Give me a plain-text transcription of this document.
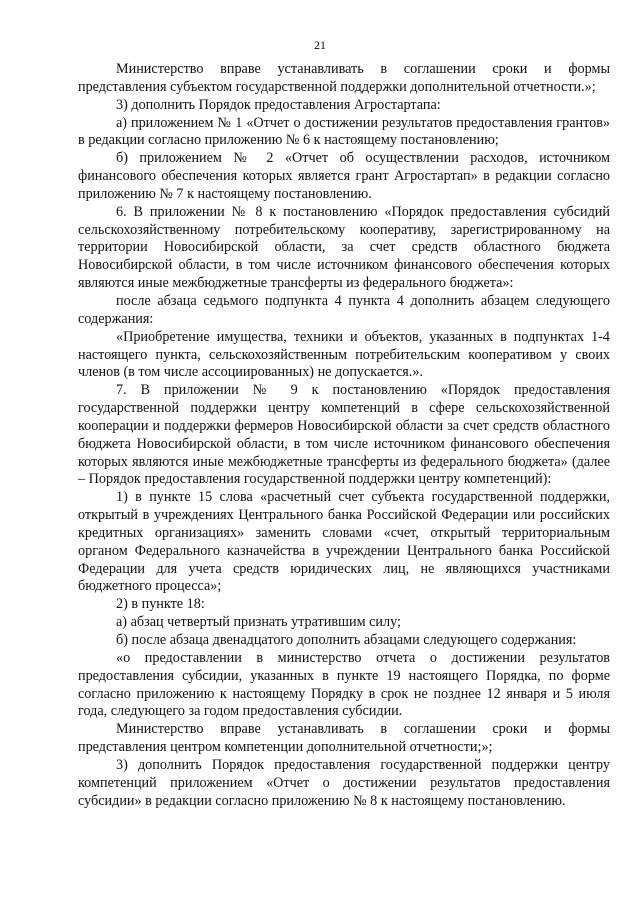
21

Министерство вправе устанавливать в соглашении сроки и формы представления субъектом государственной поддержки дополнительной отчетности.»;

3) дополнить Порядок предоставления Агростартапа:

а) приложением № 1 «Отчет о достижении результатов предоставления грантов» в редакции согласно приложению № 6 к настоящему постановлению;

б) приложением № 2 «Отчет об осуществлении расходов, источником финансового обеспечения которых является грант Агростартап» в редакции согласно приложению № 7 к настоящему постановлению.

6. В приложении № 8 к постановлению «Порядок предоставления субсидий сельскохозяйственному потребительскому кооперативу, зарегистрированному на территории Новосибирской области, за счет средств областного бюджета Новосибирской области, в том числе источником финансового обеспечения которых являются иные межбюджетные трансферты из федерального бюджета»:

после абзаца седьмого подпункта 4 пункта 4 дополнить абзацем следующего содержания:

«Приобретение имущества, техники и объектов, указанных в подпунктах 1-4 настоящего пункта, сельскохозяйственным потребительским кооперативом у своих членов (в том числе ассоциированных) не допускается.».

7. В приложении № 9 к постановлению «Порядок предоставления государственной поддержки центру компетенций в сфере сельскохозяйственной кооперации и поддержки фермеров Новосибирской области за счет средств областного бюджета Новосибирской области, в том числе источником финансового обеспечения которых являются иные межбюджетные трансферты из федерального бюджета» (далее – Порядок предоставления государственной поддержки центру компетенций):

1) в пункте 15 слова «расчетный счет субъекта государственной поддержки, открытый в учреждениях Центрального банка Российской Федерации или российских кредитных организациях» заменить словами «счет, открытый территориальным органом Федерального казначейства в учреждении Центрального банка Российской Федерации для учета средств юридических лиц, не являющихся участниками бюджетного процесса»;

2) в пункте 18:

а) абзац четвертый признать утратившим силу;

б) после абзаца двенадцатого дополнить абзацами следующего содержания:

«о предоставлении в министерство отчета о достижении результатов предоставления субсидии, указанных в пункте 19 настоящего Порядка, по форме согласно приложению к настоящему Порядку в срок не позднее 12 января и 5 июля года, следующего за годом предоставления субсидии.

Министерство вправе устанавливать в соглашении сроки и формы представления центром компетенции дополнительной отчетности;»;

3) дополнить Порядок предоставления государственной поддержки центру компетенций приложением «Отчет о достижении результатов предоставления субсидии» в редакции согласно приложению № 8 к настоящему постановлению.
